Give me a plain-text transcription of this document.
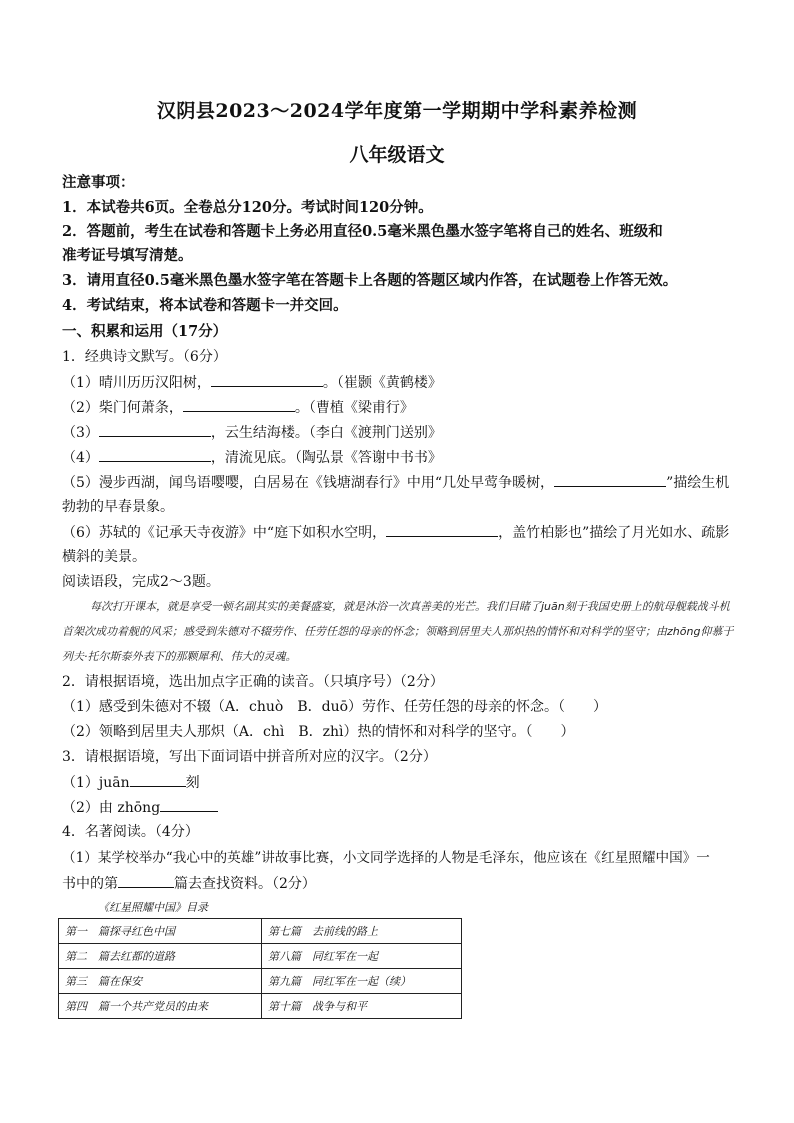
汉阴县2023～2024学年度第一学期期中学科素养检测
八年级语文
注意事项：
1．本试卷共6页。全卷总分120分。考试时间120分钟。
2．答题前，考生在试卷和答题卡上务必用直径0.5毫米黑色墨水签字笔将自己的姓名、班级和
准考证号填写清楚。
3．请用直径0.5毫米黑色墨水签字笔在答题卡上各题的答题区域内作答，在试题卷上作答无效。
4．考试结束，将本试卷和答题卡一并交回。
一、积累和运用（17分）
1．经典诗文默写。（6分）
（1）晴川历历汉阳树，	。（崔颢《黄鹤楼》
（2）柴门何萧条，	。（曹植《梁甫行》
（3）	，云生结海楼。（李白《渡荆门送别》
（4）	，清流见底。（陶弘景《答谢中书书》
（5）漫步西湖，闻鸟语嘤嘤，白居易在《钱塘湖春行》中用“几处早莺争暖树，	”描绘生机
勃勃的早春景象。
（6）苏轼的《记承天寺夜游》中“庭下如积水空明，	，盖竹柏影也”描绘了月光如水、疏影
横斜的美景。
阅读语段，完成2～3题。
每次打开课本，就是享受一顿名副其实的美餐盛宴，就是沐浴一次真善美的光芒。我们目睹了juān刻于我国史册上的航母舰载战斗机首架次成功着舰的风采；感受到朱德对不辍劳作、任劳任怨的母亲的怀念；领略到居里夫人那炽热的情怀和对科学的坚守；由zhōng仰慕于列夫·托尔斯泰外表下的那颗犀利、伟大的灵魂。
2．请根据语境，选出加点字正确的读音。（只填序号）（2分）
（1）感受到朱德对不辍（A．chuò　B．duō）劳作、任劳任怨的母亲的怀念。（　　）
（2）领略到居里夫人那炽（A．chì　B．zhì）热的情怀和对科学的坚守。（　　）
3．请根据语境，写出下面词语中拼音所对应的汉字。（2分）
（1）juān	刻
（2）由 zhōng
4．名著阅读。（4分）
（1）某学校举办“我心中的英雄”讲故事比赛，小文同学选择的人物是毛泽东，他应该在《红星照耀中国》一
书中的第	篇去查找资料。（2分）
《红星照耀中国》目录
第一　篇探寻红色中国	第七篇　去前线的路上
第二　篇去红都的道路	第八篇　同红军在一起
第三　篇在保安	第九篇　同红军在一起（续）
第四　篇一个共产党员的由来	第十篇　战争与和平
